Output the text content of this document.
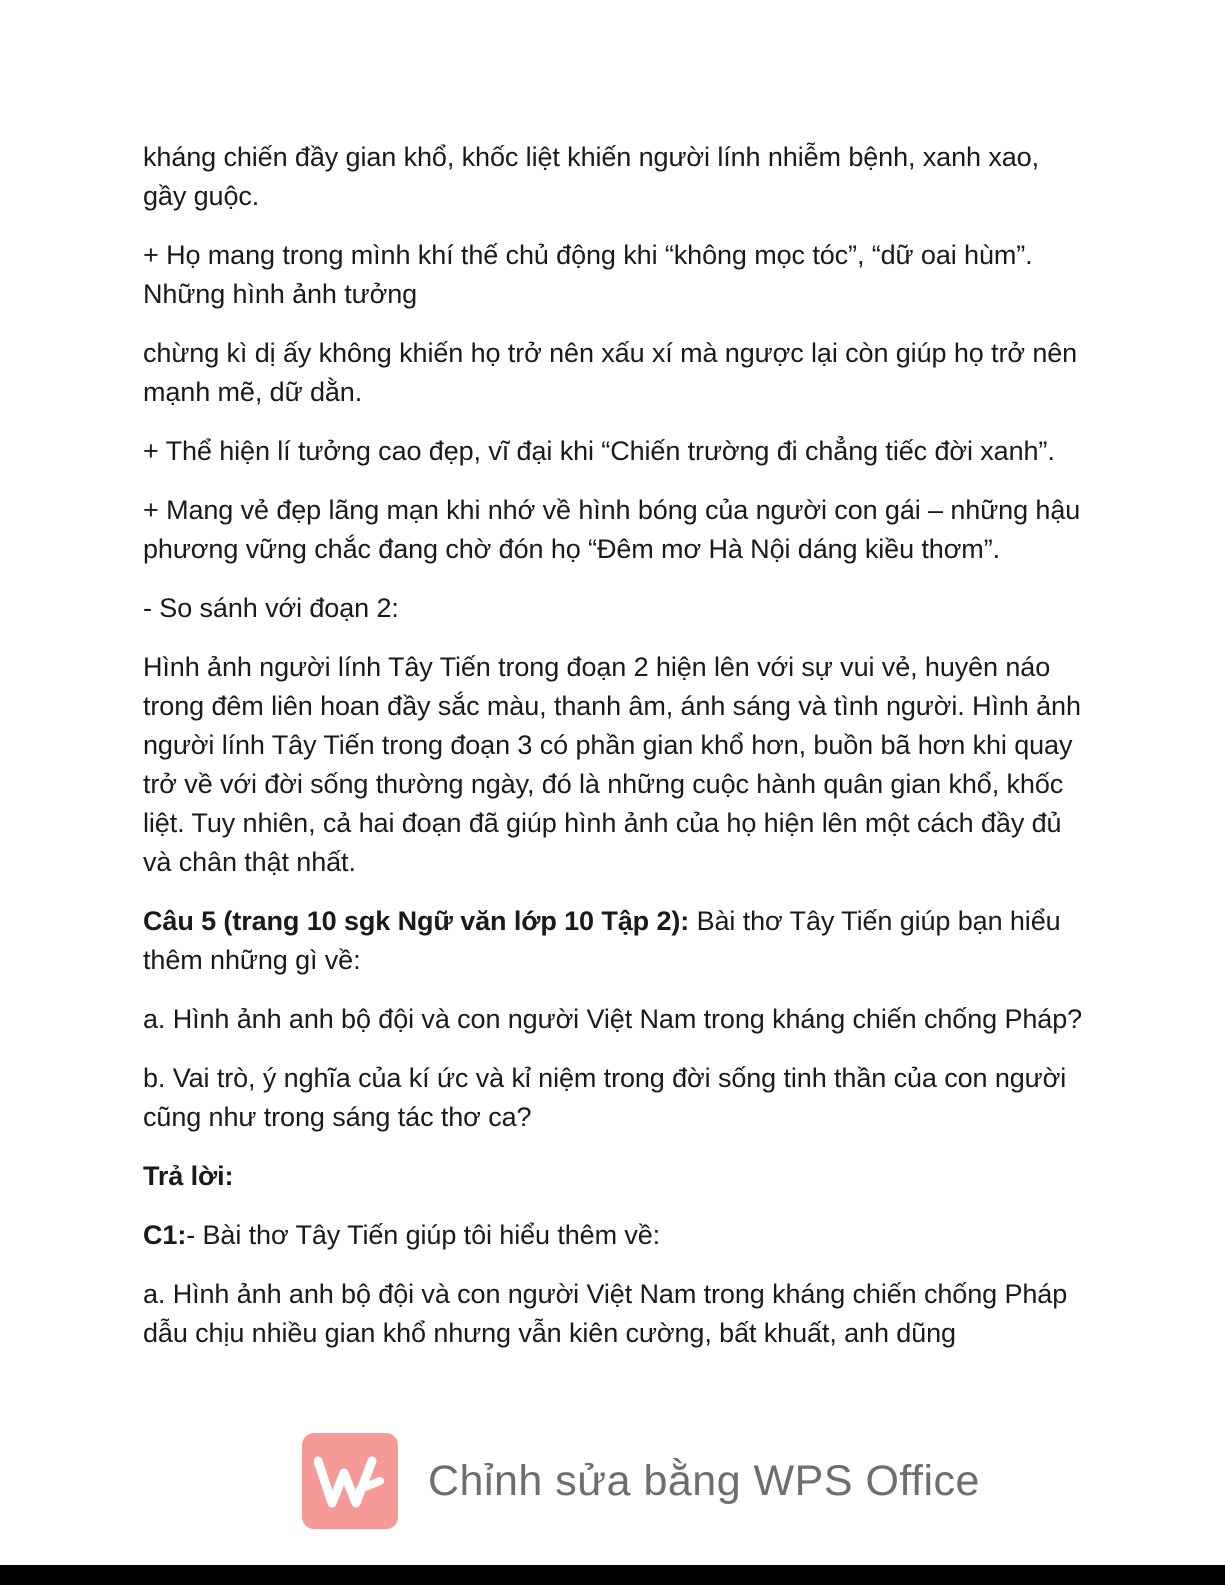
kháng chiến đầy gian khổ, khốc liệt khiến người lính nhiễm bệnh, xanh xao, gầy guộc.

+ Họ mang trong mình khí thế chủ động khi “không mọc tóc”, “dữ oai hùm”. Những hình ảnh tưởng

chừng kì dị ấy không khiến họ trở nên xấu xí mà ngược lại còn giúp họ trở nên mạnh mẽ, dữ dằn.

+ Thể hiện lí tưởng cao đẹp, vĩ đại khi “Chiến trường đi chẳng tiếc đời xanh”.

+ Mang vẻ đẹp lãng mạn khi nhớ về hình bóng của người con gái – những hậu phương vững chắc đang chờ đón họ “Đêm mơ Hà Nội dáng kiều thơm”.

- So sánh với đoạn 2:

Hình ảnh người lính Tây Tiến trong đoạn 2 hiện lên với sự vui vẻ, huyên náo trong đêm liên hoan đầy sắc màu, thanh âm, ánh sáng và tình người. Hình ảnh người lính Tây Tiến trong đoạn 3 có phần gian khổ hơn, buồn bã hơn khi quay trở về với đời sống thường ngày, đó là những cuộc hành quân gian khổ, khốc liệt. Tuy nhiên, cả hai đoạn đã giúp hình ảnh của họ hiện lên một cách đầy đủ và chân thật nhất.

Câu 5 (trang 10 sgk Ngữ văn lớp 10 Tập 2): Bài thơ Tây Tiến giúp bạn hiểu thêm những gì về:

a. Hình ảnh anh bộ đội và con người Việt Nam trong kháng chiến chống Pháp?

b. Vai trò, ý nghĩa của kí ức và kỉ niệm trong đời sống tinh thần của con người cũng như trong sáng tác thơ ca?

Trả lời:

C1:- Bài thơ Tây Tiến giúp tôi hiểu thêm về:

a. Hình ảnh anh bộ đội và con người Việt Nam trong kháng chiến chống Pháp dẫu chịu nhiều gian khổ nhưng vẫn kiên cường, bất khuất, anh dũng

Chỉnh sửa bằng WPS Office
